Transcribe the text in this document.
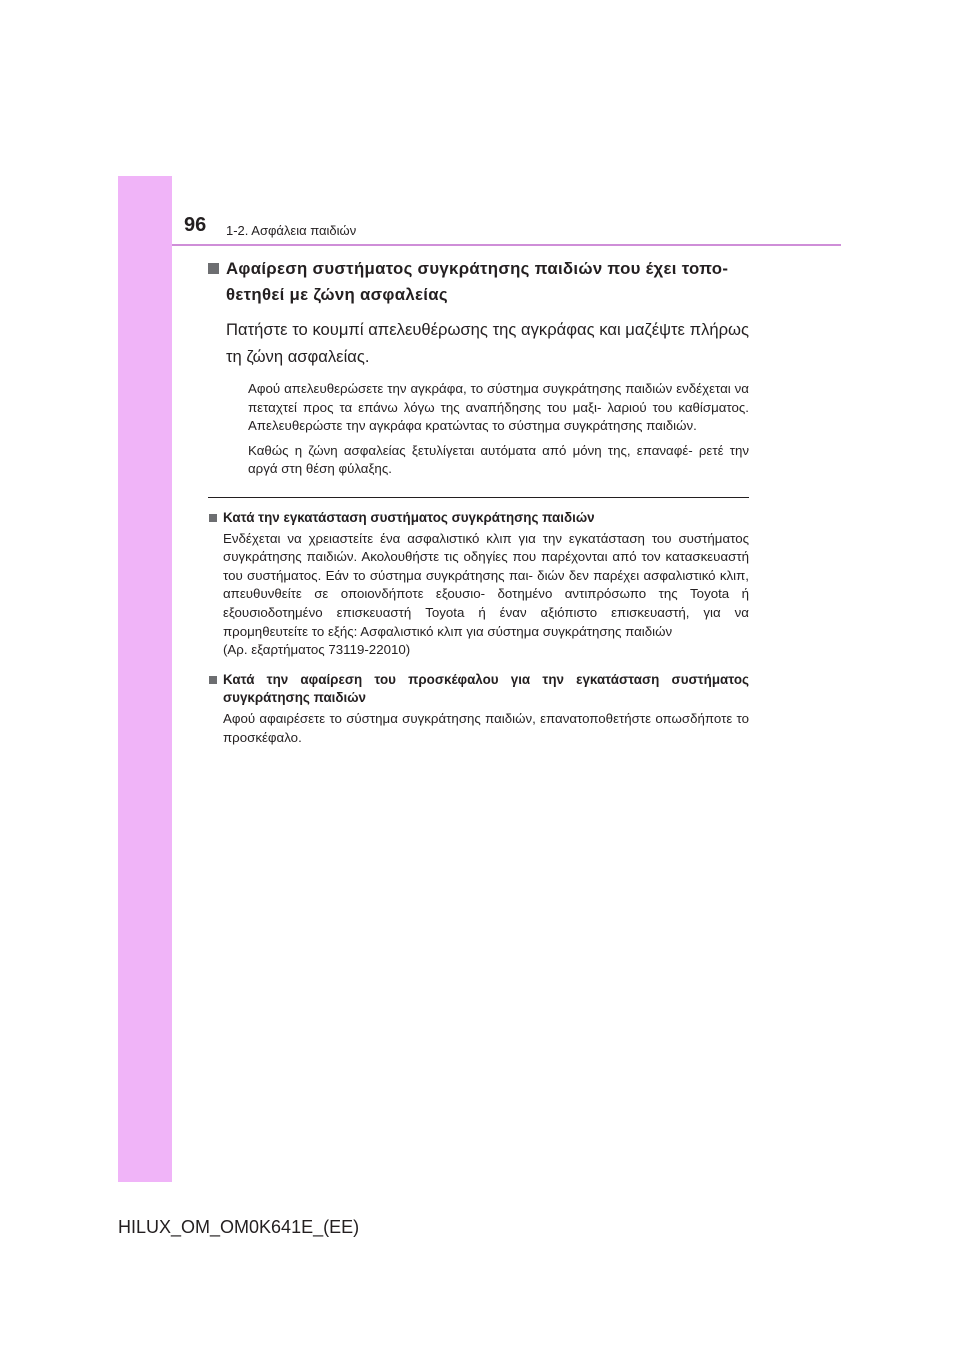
96 1-2. Ασφάλεια παιδιών
Αφαίρεση συστήματος συγκράτησης παιδιών που έχει τοπο-
θετηθεί με ζώνη ασφαλείας
Πατήστε το κουμπί απελευθέρωσης της αγκράφας και μαζέψτε πλήρως τη ζώνη ασφαλείας.
Αφού απελευθερώσετε την αγκράφα, το σύστημα συγκράτησης παιδιών ενδέχεται να πεταχτεί προς τα επάνω λόγω της αναπήδησης του μαξι- λαριού του καθίσματος. Απελευθερώστε την αγκράφα κρατώντας το σύστημα συγκράτησης παιδιών.
Καθώς η ζώνη ασφαλείας ξετυλίγεται αυτόματα από μόνη της, επαναφέ- ρετέ την αργά στη θέση φύλαξης.
Κατά την εγκατάσταση συστήματος συγκράτησης παιδιών
Ενδέχεται να χρειαστείτε ένα ασφαλιστικό κλιπ για την εγκατάσταση του συστήματος συγκράτησης παιδιών. Ακολουθήστε τις οδηγίες που παρέχονται από τον κατασκευαστή του συστήματος. Εάν το σύστημα συγκράτησης παι- διών δεν παρέχει ασφαλιστικό κλιπ, απευθυνθείτε σε οποιονδήποτε εξουσιο- δοτημένο αντιπρόσωπο της Toyota ή εξουσιοδοτημένο επισκευαστή Toyota ή έναν αξιόπιστο επισκευαστή, για να προμηθευτείτε το εξής: Ασφαλιστικό κλιπ για σύστημα συγκράτησης παιδιών
(Αρ. εξαρτήματος 73119-22010)
Κατά την αφαίρεση του προσκέφαλου για την εγκατάσταση συστήματος συγκράτησης παιδιών
Αφού αφαιρέσετε το σύστημα συγκράτησης παιδιών, επανατοποθετήστε οπωσδήποτε το προσκέφαλο.
HILUX_OM_OM0K641E_(EE)
